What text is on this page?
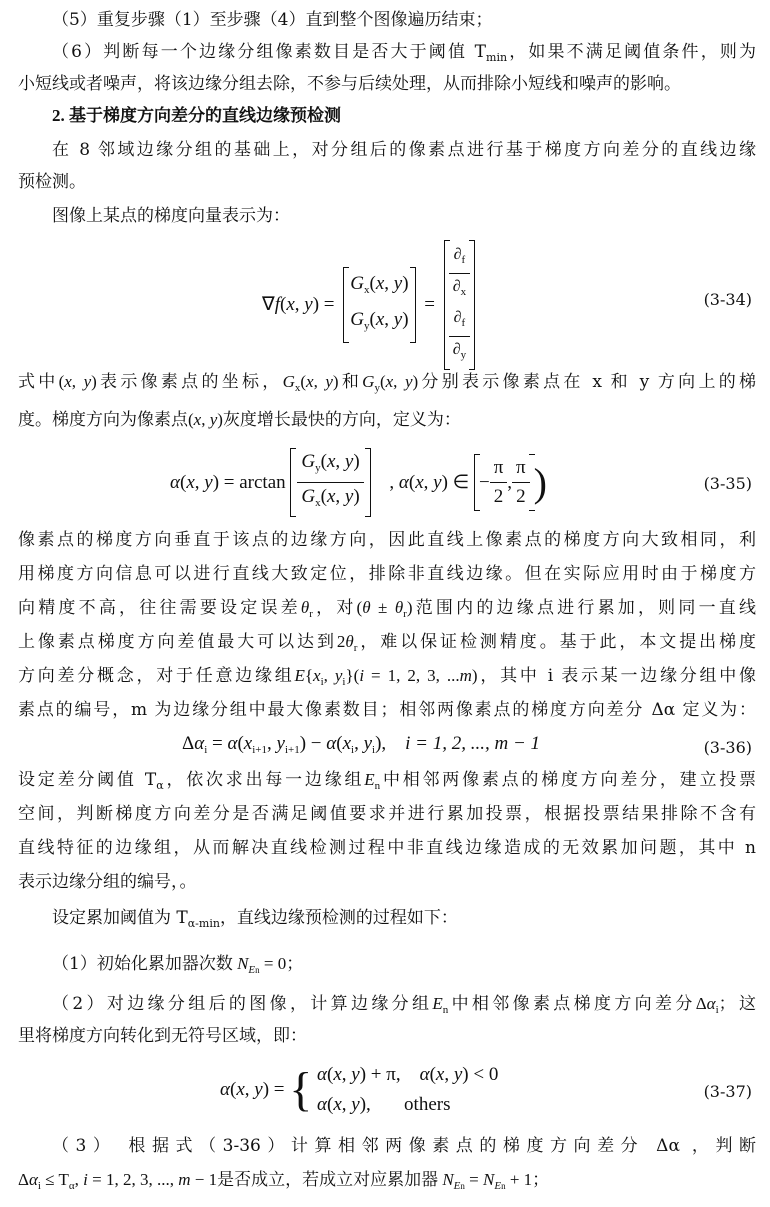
（5）重复步骤（1）至步骤（4）直到整个图像遍历结束；
（6）判断每一个边缘分组像素数目是否大于阈值 $T_{min}$，如果不满足阈值条件，则为
小短线或者噪声，将该边缘分组去除，不参与后续处理，从而排除小短线和噪声的影响。
2. 基于梯度方向差分的直线边缘预检测
在 8 邻域边缘分组的基础上，对分组后的像素点进行基于梯度方向差分的直线边缘
预检测。
图像上某点的梯度向量表示为：
∇f(x, y) =
$G_x(x$, y)
$G_y(x$, y)
= $\frac{\partial_f}{\partial_x}$
$\frac{\partial_f}{\partial_y}$
(3-34)
式中(x, y)表示像素点的坐标，$G_x(x$, y)和$G_y(x$, y)分别表示像素点在 x 和 y 方向上的梯
度。梯度方向为像素点(x, y)灰度增长最快的方向，定义为：
α(x, $y) = \arctan \frac{G_y(x, y)}{G_x(x, y)}$ , α(x, y) ∈ − $\frac{\pi}{2}$ , $\frac{\pi}{2}$ )	(3-35)
像素点的梯度方向垂直于该点的边缘方向，因此直线上像素点的梯度方向大致相同，利
用梯度方向信息可以进行直线大致定位，排除非直线边缘。但在实际应用时由于梯度方
向精度不高，往往需要设定误差$\theta_r$，对$(\theta \pm \theta_r)$范围内的边缘点进行累加，则同一直线
上像素点梯度方向差值最大可以达到$2\theta_r$，难以保证检测精度。基于此，本文提出梯度
方向差分概念，对于任意边缘组$E\{x_i$, $y_i\}(i = 1$, 2, 3, ...m)，其中 i 表示某一边缘分组中像
素点的编号，m 为边缘分组中最大像素数目；相邻两像素点的梯度方向差分 Δα 定义为：
$\Delta\alpha_i = \alpha(x_{i+1}$, $y_{i+1}) - \alpha(x_i$, $y_i$),    i = 1, 2, ..., m − 1	(3-36)
设定差分阈值 $T_\alpha$，依次求出每一边缘组$E_n$中相邻两像素点的梯度方向差分，建立投票
空间，判断梯度方向差分是否满足阈值要求并进行累加投票，根据投票结果排除不含有
直线特征的边缘组，从而解决直线检测过程中非直线边缘造成的无效累加问题，其中 n
表示边缘分组的编号，。
设定累加阈值为 $T_{\alpha-min}$，直线边缘预检测的过程如下：
（1）初始化累加器次数 $N_{En} = 0$；
（2）对边缘分组后的图像，计算边缘分组$E_n$中相邻像素点梯度方向差分$\Delta\alpha_i$；这
里将梯度方向转化到无符号区域，即：
α(x, y) = { α(x, y) + π,    α(x, y) < 0
α(x, y),       others
(3-37)
（3） 根据式（3-36）计算相邻两像素点的梯度方向差分 Δα ，判断
$\Delta\alpha_i \le T_\alpha$, i = 1, 2, 3, ..., m − 1是否成立，若成立对应累加器 $N_{En} = N_{En} + 1$；
